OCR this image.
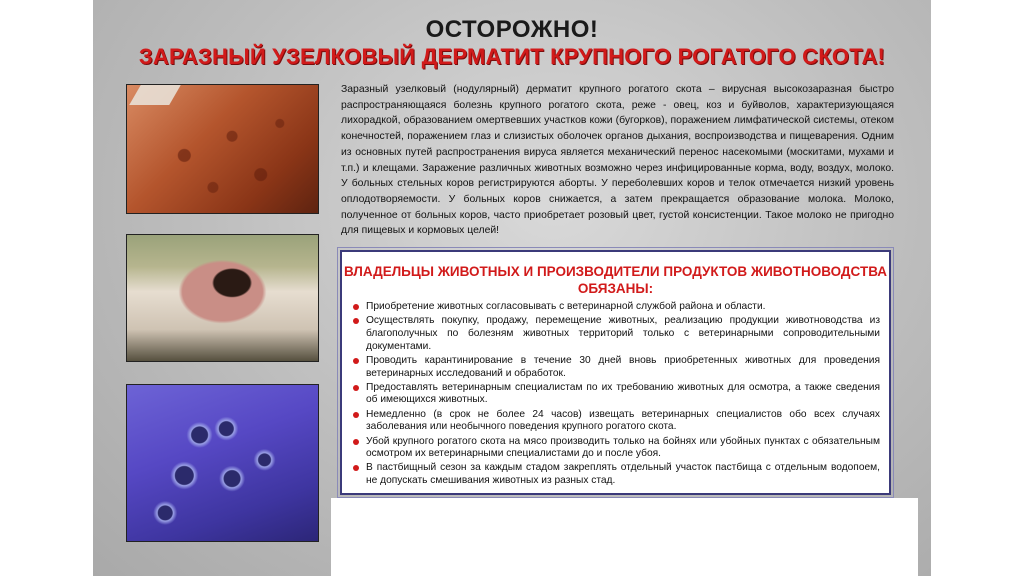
ОСТОРОЖНО!
ЗАРАЗНЫЙ УЗЕЛКОВЫЙ ДЕРМАТИТ КРУПНОГО РОГАТОГО СКОТА!

Заразный узелковый (нодулярный) дерматит крупного рогатого скота – вирусная высокозаразная быстро распространяющаяся болезнь крупного рогатого скота, реже - овец, коз и буйволов, характеризующаяся лихорадкой, образованием омертвевших участков кожи (бугорков), поражением лимфатической системы, отеком конечностей, поражением глаз и слизистых оболочек органов дыхания, воспроизводства и пищеварения. Одним из основных путей распространения вируса является механический перенос насекомыми (москитами, мухами и т.п.) и клещами. Заражение различных животных возможно через инфицированные корма, воду, воздух, молоко. У больных стельных коров регистрируются аборты. У переболевших коров и телок отмечается низкий уровень оплодотворяемости. У больных коров снижается, а затем прекращается образование молока. Молоко, полученное от больных коров, часто приобретает розовый цвет, густой консистенции. Такое молоко не пригодно для пищевых и кормовых целей!

ВЛАДЕЛЬЦЫ ЖИВОТНЫХ И ПРОИЗВОДИТЕЛИ ПРОДУКТОВ ЖИВОТНОВОДСТВА ОБЯЗАНЫ:
Приобретение животных согласовывать с ветеринарной службой района и области.
Осуществлять покупку, продажу, перемещение животных, реализацию продукции животноводства из благополучных по болезням животных территорий только с ветеринарными сопроводительными документами.
Проводить карантинирование в течение 30 дней вновь приобретенных животных для проведения ветеринарных исследований и обработок.
Предоставлять ветеринарным специалистам по их требованию животных для осмотра, а также сведения об имеющихся животных.
Немедленно (в срок не более 24 часов) извещать ветеринарных специалистов обо всех случаях заболевания или необычного поведения крупного рогатого скота.
Убой крупного рогатого скота на мясо производить только на бойнях или убойных пунктах с обязательным осмотром их ветеринарными специалистами до и после убоя.
В пастбищный сезон за каждым стадом закреплять отдельный участок пастбища с отдельным водопоем, не допускать смешивания животных из разных стад.
